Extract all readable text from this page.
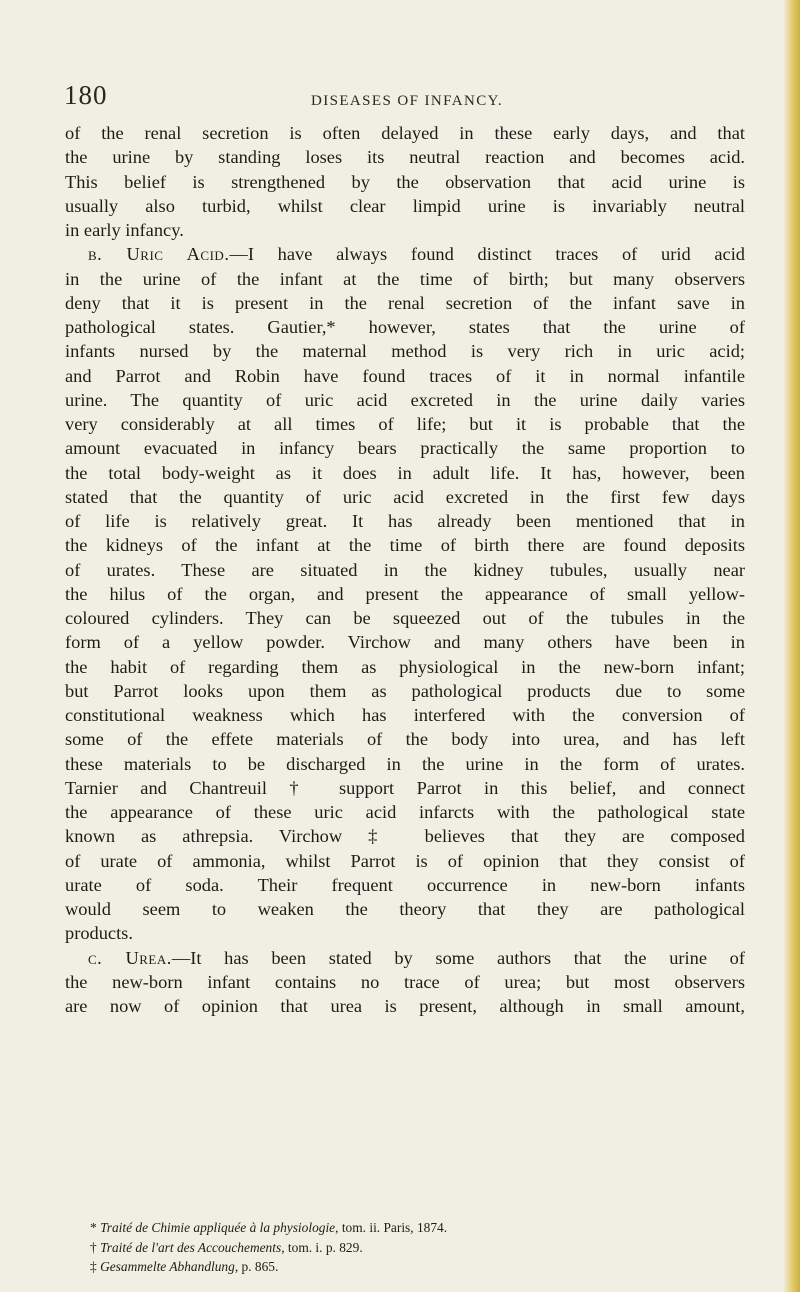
180	DISEASES OF INFANCY.
of the renal secretion is often delayed in these early days, and that
the urine by standing loses its neutral reaction and becomes acid.
This belief is strengthened by the observation that acid urine is
usually also turbid, whilst clear limpid urine is invariably neutral
in early infancy.
b. Uric Acid.—I have always found distinct traces of urid acid
in the urine of the infant at the time of birth; but many observers
deny that it is present in the renal secretion of the infant save in
pathological states. Gautier,* however, states that the urine of
infants nursed by the maternal method is very rich in uric acid;
and Parrot and Robin have found traces of it in normal infantile
urine. The quantity of uric acid excreted in the urine daily varies
very considerably at all times of life; but it is probable that the
amount evacuated in infancy bears practically the same proportion to
the total body-weight as it does in adult life. It has, however, been
stated that the quantity of uric acid excreted in the first few days
of life is relatively great. It has already been mentioned that in
the kidneys of the infant at the time of birth there are found deposits
of urates. These are situated in the kidney tubules, usually near
the hilus of the organ, and present the appearance of small yellow-
coloured cylinders. They can be squeezed out of the tubules in the
form of a yellow powder. Virchow and many others have been in
the habit of regarding them as physiological in the new-born infant;
but Parrot looks upon them as pathological products due to some
constitutional weakness which has interfered with the conversion of
some of the effete materials of the body into urea, and has left
these materials to be discharged in the urine in the form of urates.
Tarnier and Chantreuil † support Parrot in this belief, and connect
the appearance of these uric acid infarcts with the pathological state
known as athrepsia. Virchow ‡ believes that they are composed
of urate of ammonia, whilst Parrot is of opinion that they consist of
urate of soda. Their frequent occurrence in new-born infants
would seem to weaken the theory that they are pathological
products.
c. Urea.—It has been stated by some authors that the urine of
the new-born infant contains no trace of urea; but most observers
are now of opinion that urea is present, although in small amount,
* Traité de Chimie appliquée à la physiologie, tom. ii. Paris, 1874.
† Traité de l'art des Accouchements, tom. i. p. 829.
‡ Gesammelte Abhandlung, p. 865.
